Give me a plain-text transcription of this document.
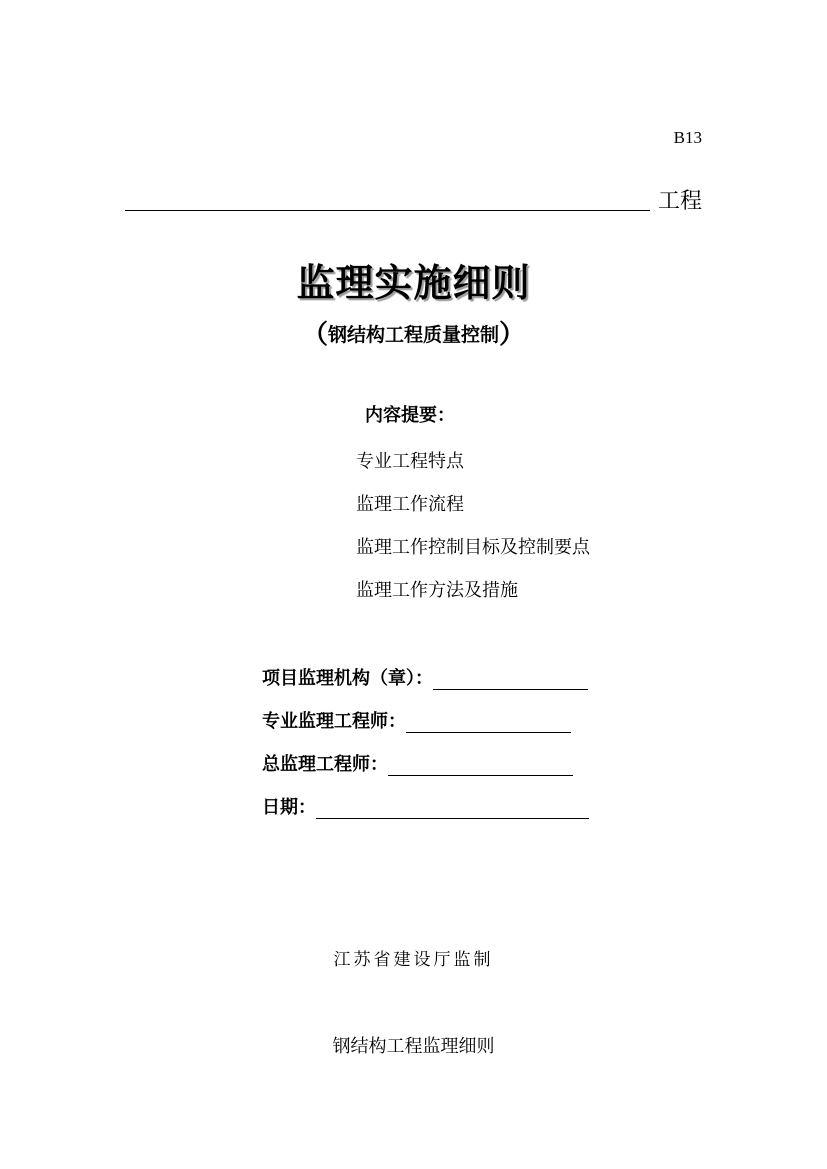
B13
工程
监理实施细则
（钢结构工程质量控制）
内容提要：
专业工程特点
监理工作流程
监理工作控制目标及控制要点
监理工作方法及措施
项目监理机构（章）：
专业监理工程师：
总监理工程师：
日期：
江苏省建设厅监制
钢结构工程监理细则
